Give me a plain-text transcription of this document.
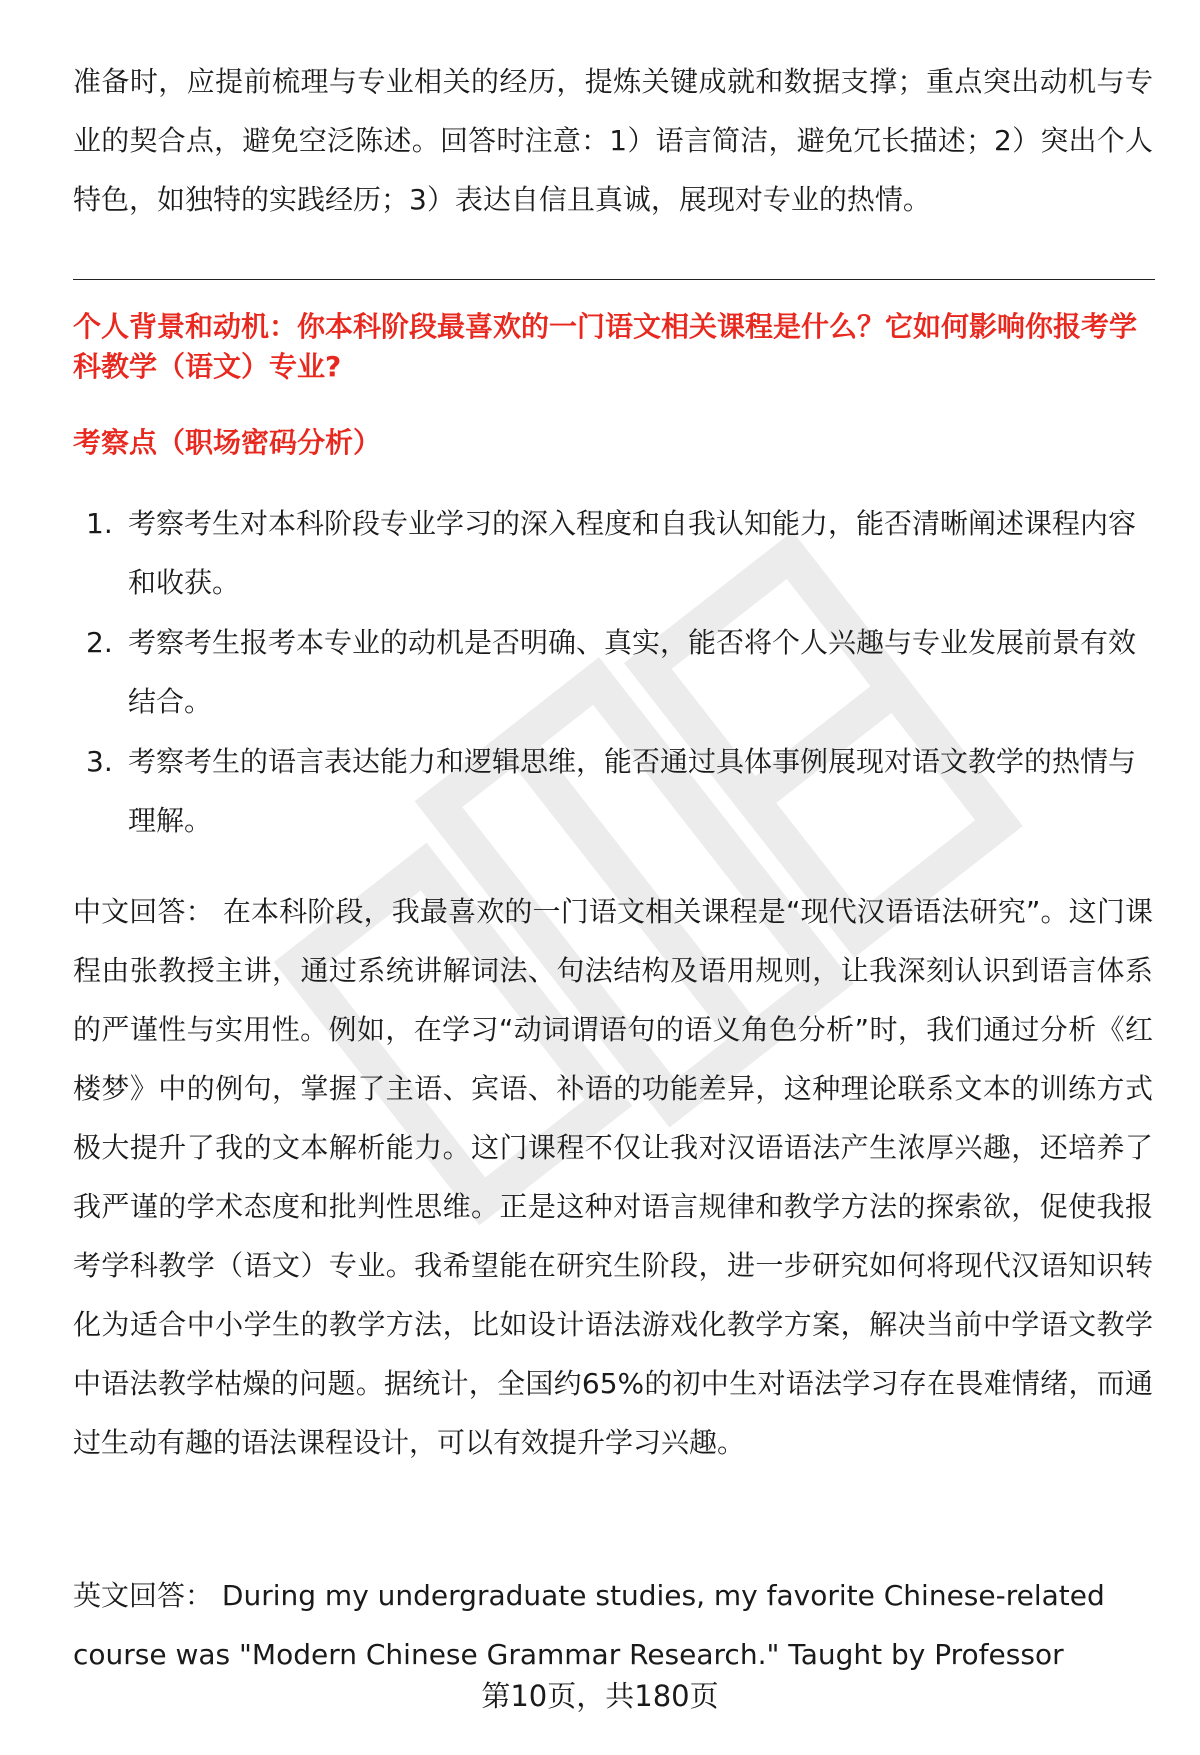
准备时，应提前梳理与专业相关的经历，提炼关键成就和数据支撑；重点突出动机与专业的契合点，避免空泛陈述。回答时注意：1）语言简洁，避免冗长描述；2）突出个人特色，如独特的实践经历；3）表达自信且真诚，展现对专业的热情。

个人背景和动机：你本科阶段最喜欢的一门语文相关课程是什么？它如何影响你报考学科教学（语文）专业?

考察点（职场密码分析）

1. 考察考生对本科阶段专业学习的深入程度和自我认知能力，能否清晰阐述课程内容和收获。
2. 考察考生报考本专业的动机是否明确、真实，能否将个人兴趣与专业发展前景有效结合。
3. 考察考生的语言表达能力和逻辑思维，能否通过具体事例展现对语文教学的热情与理解。

中文回答： 在本科阶段，我最喜欢的一门语文相关课程是“现代汉语语法研究”。这门课程由张教授主讲，通过系统讲解词法、句法结构及语用规则，让我深刻认识到语言体系的严谨性与实用性。例如，在学习“动词谓语句的语义角色分析”时，我们通过分析《红楼梦》中的例句，掌握了主语、宾语、补语的功能差异，这种理论联系文本的训练方式极大提升了我的文本解析能力。这门课程不仅让我对汉语语法产生浓厚兴趣，还培养了我严谨的学术态度和批判性思维。正是这种对语言规律和教学方法的探索欲，促使我报考学科教学（语文）专业。我希望能在研究生阶段，进一步研究如何将现代汉语知识转化为适合中小学生的教学方法，比如设计语法游戏化教学方案，解决当前中学语文教学中语法教学枯燥的问题。据统计，全国约65%的初中生对语法学习存在畏难情绪，而通过生动有趣的语法课程设计，可以有效提升学习兴趣。

英文回答： During my undergraduate studies, my favorite Chinese-related course was "Modern Chinese Grammar Research." Taught by Professor

第10页，共180页
